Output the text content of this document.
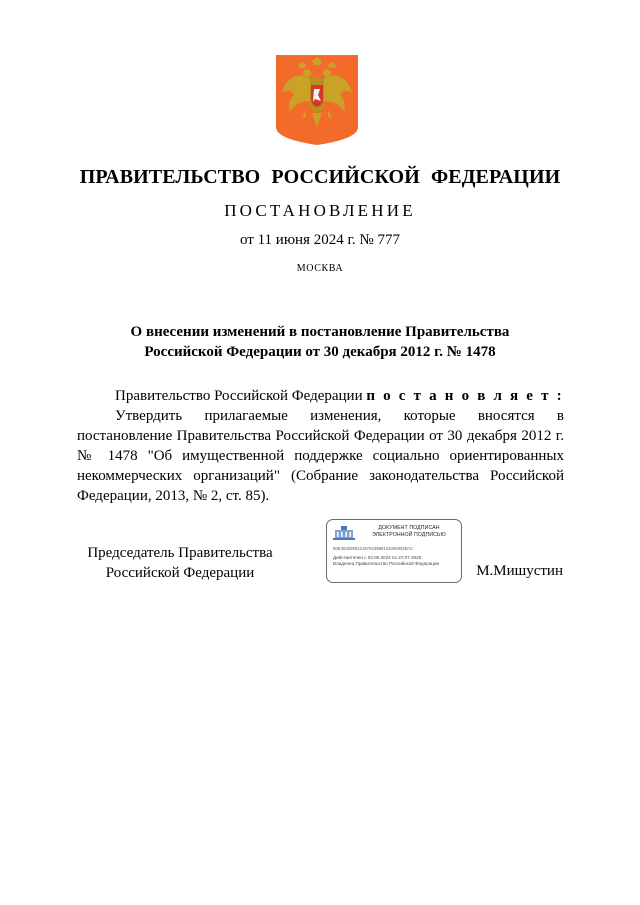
ПРАВИТЕЛЬСТВО РОССИЙСКОЙ ФЕДЕРАЦИИ
ПОСТАНОВЛЕНИЕ
от 11 июня 2024 г. № 777
МОСКВА
О внесении изменений в постановление Правительства
Российской Федерации от 30 декабря 2012 г. № 1478
Правительство Российской Федерации п о с т а н о в л я е т :
Утвердить прилагаемые изменения, которые вносятся в постановление Правительства Российской Федерации от 30 декабря 2012 г. № 1478 "Об имущественной поддержке социально ориентированных некоммерческих организаций" (Собрание законодательства Российской Федерации, 2013, № 2, ст. 85).
Председатель Правительства
Российской Федерации
ДОКУМЕНТ ПОДПИСАН
ЭЛЕКТРОННОЙ ПОДПИСЬЮ
00E3632080221970439891310069028AC
Действителен с 03.05.2024 по 27.07.2025
Владелец Правительство Российской Федерации	М.Мишустин
